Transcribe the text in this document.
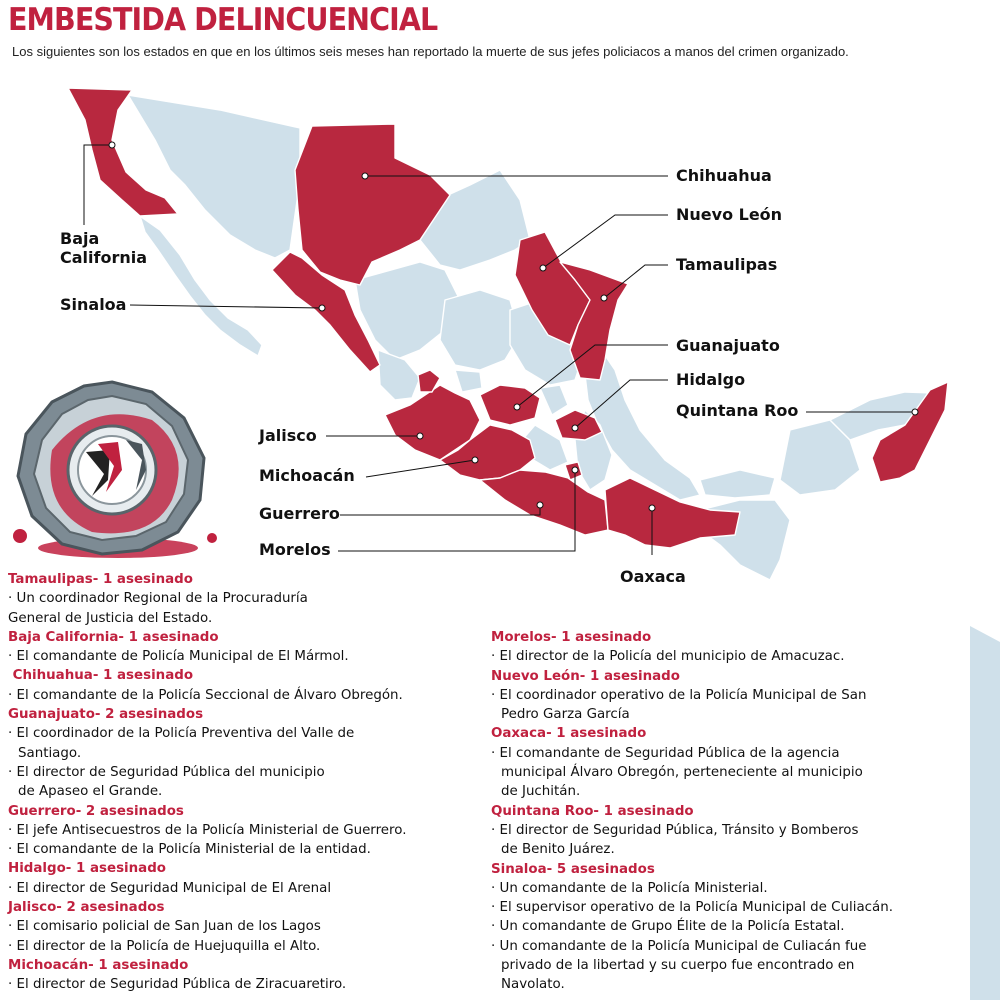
EMBESTIDA DELINCUENCIAL
Los siguientes son los estados en que en los últimos seis meses han reportado la muerte de sus jefes policiacos a manos del crimen organizado.
Chihuahua
Nuevo León
Tamaulipas
Baja
California
Sinaloa
Guanajuato
Hidalgo
Quintana Roo
Jalisco
Michoacán
Guerrero
Morelos
Oaxaca
Tamaulipas- 1 asesinado
· Un coordinador Regional de la Procuraduría
General de Justicia del Estado.
Baja California- 1 asesinado
· El comandante de Policía Municipal de El Mármol.
Chihuahua- 1 asesinado
· El comandante de la Policía Seccional de Álvaro Obregón.
Guanajuato- 2 asesinados
· El coordinador de la Policía Preventiva del Valle de
Santiago.
· El director de Seguridad Pública del municipio
de Apaseo el Grande.
Guerrero- 2 asesinados
· El jefe Antisecuestros de la Policía Ministerial de Guerrero.
· El comandante de la Policía Ministerial de la entidad.
Hidalgo- 1 asesinado
· El director de Seguridad Municipal de El Arenal
Jalisco- 2 asesinados
· El comisario policial de San Juan de los Lagos
· El director de la Policía de Huejuquilla el Alto.
Michoacán- 1 asesinado
· El director de Seguridad Pública de Ziracuaretiro.
Morelos- 1 asesinado
· El director de la Policía del municipio de Amacuzac.
Nuevo León- 1 asesinado
· El coordinador operativo de la Policía Municipal de San
Pedro Garza García
Oaxaca- 1 asesinado
· El comandante de Seguridad Pública de la agencia
municipal Álvaro Obregón, perteneciente al municipio
de Juchitán.
Quintana Roo- 1 asesinado
· El director de Seguridad Pública, Tránsito y Bomberos
de Benito Juárez.
Sinaloa- 5 asesinados
· Un comandante de la Policía Ministerial.
· El supervisor operativo de la Policía Municipal de Culiacán.
· Un comandante de Grupo Élite de la Policía Estatal.
· Un comandante de la Policía Municipal de Culiacán fue
privado de la libertad y su cuerpo fue encontrado en
Navolato.
